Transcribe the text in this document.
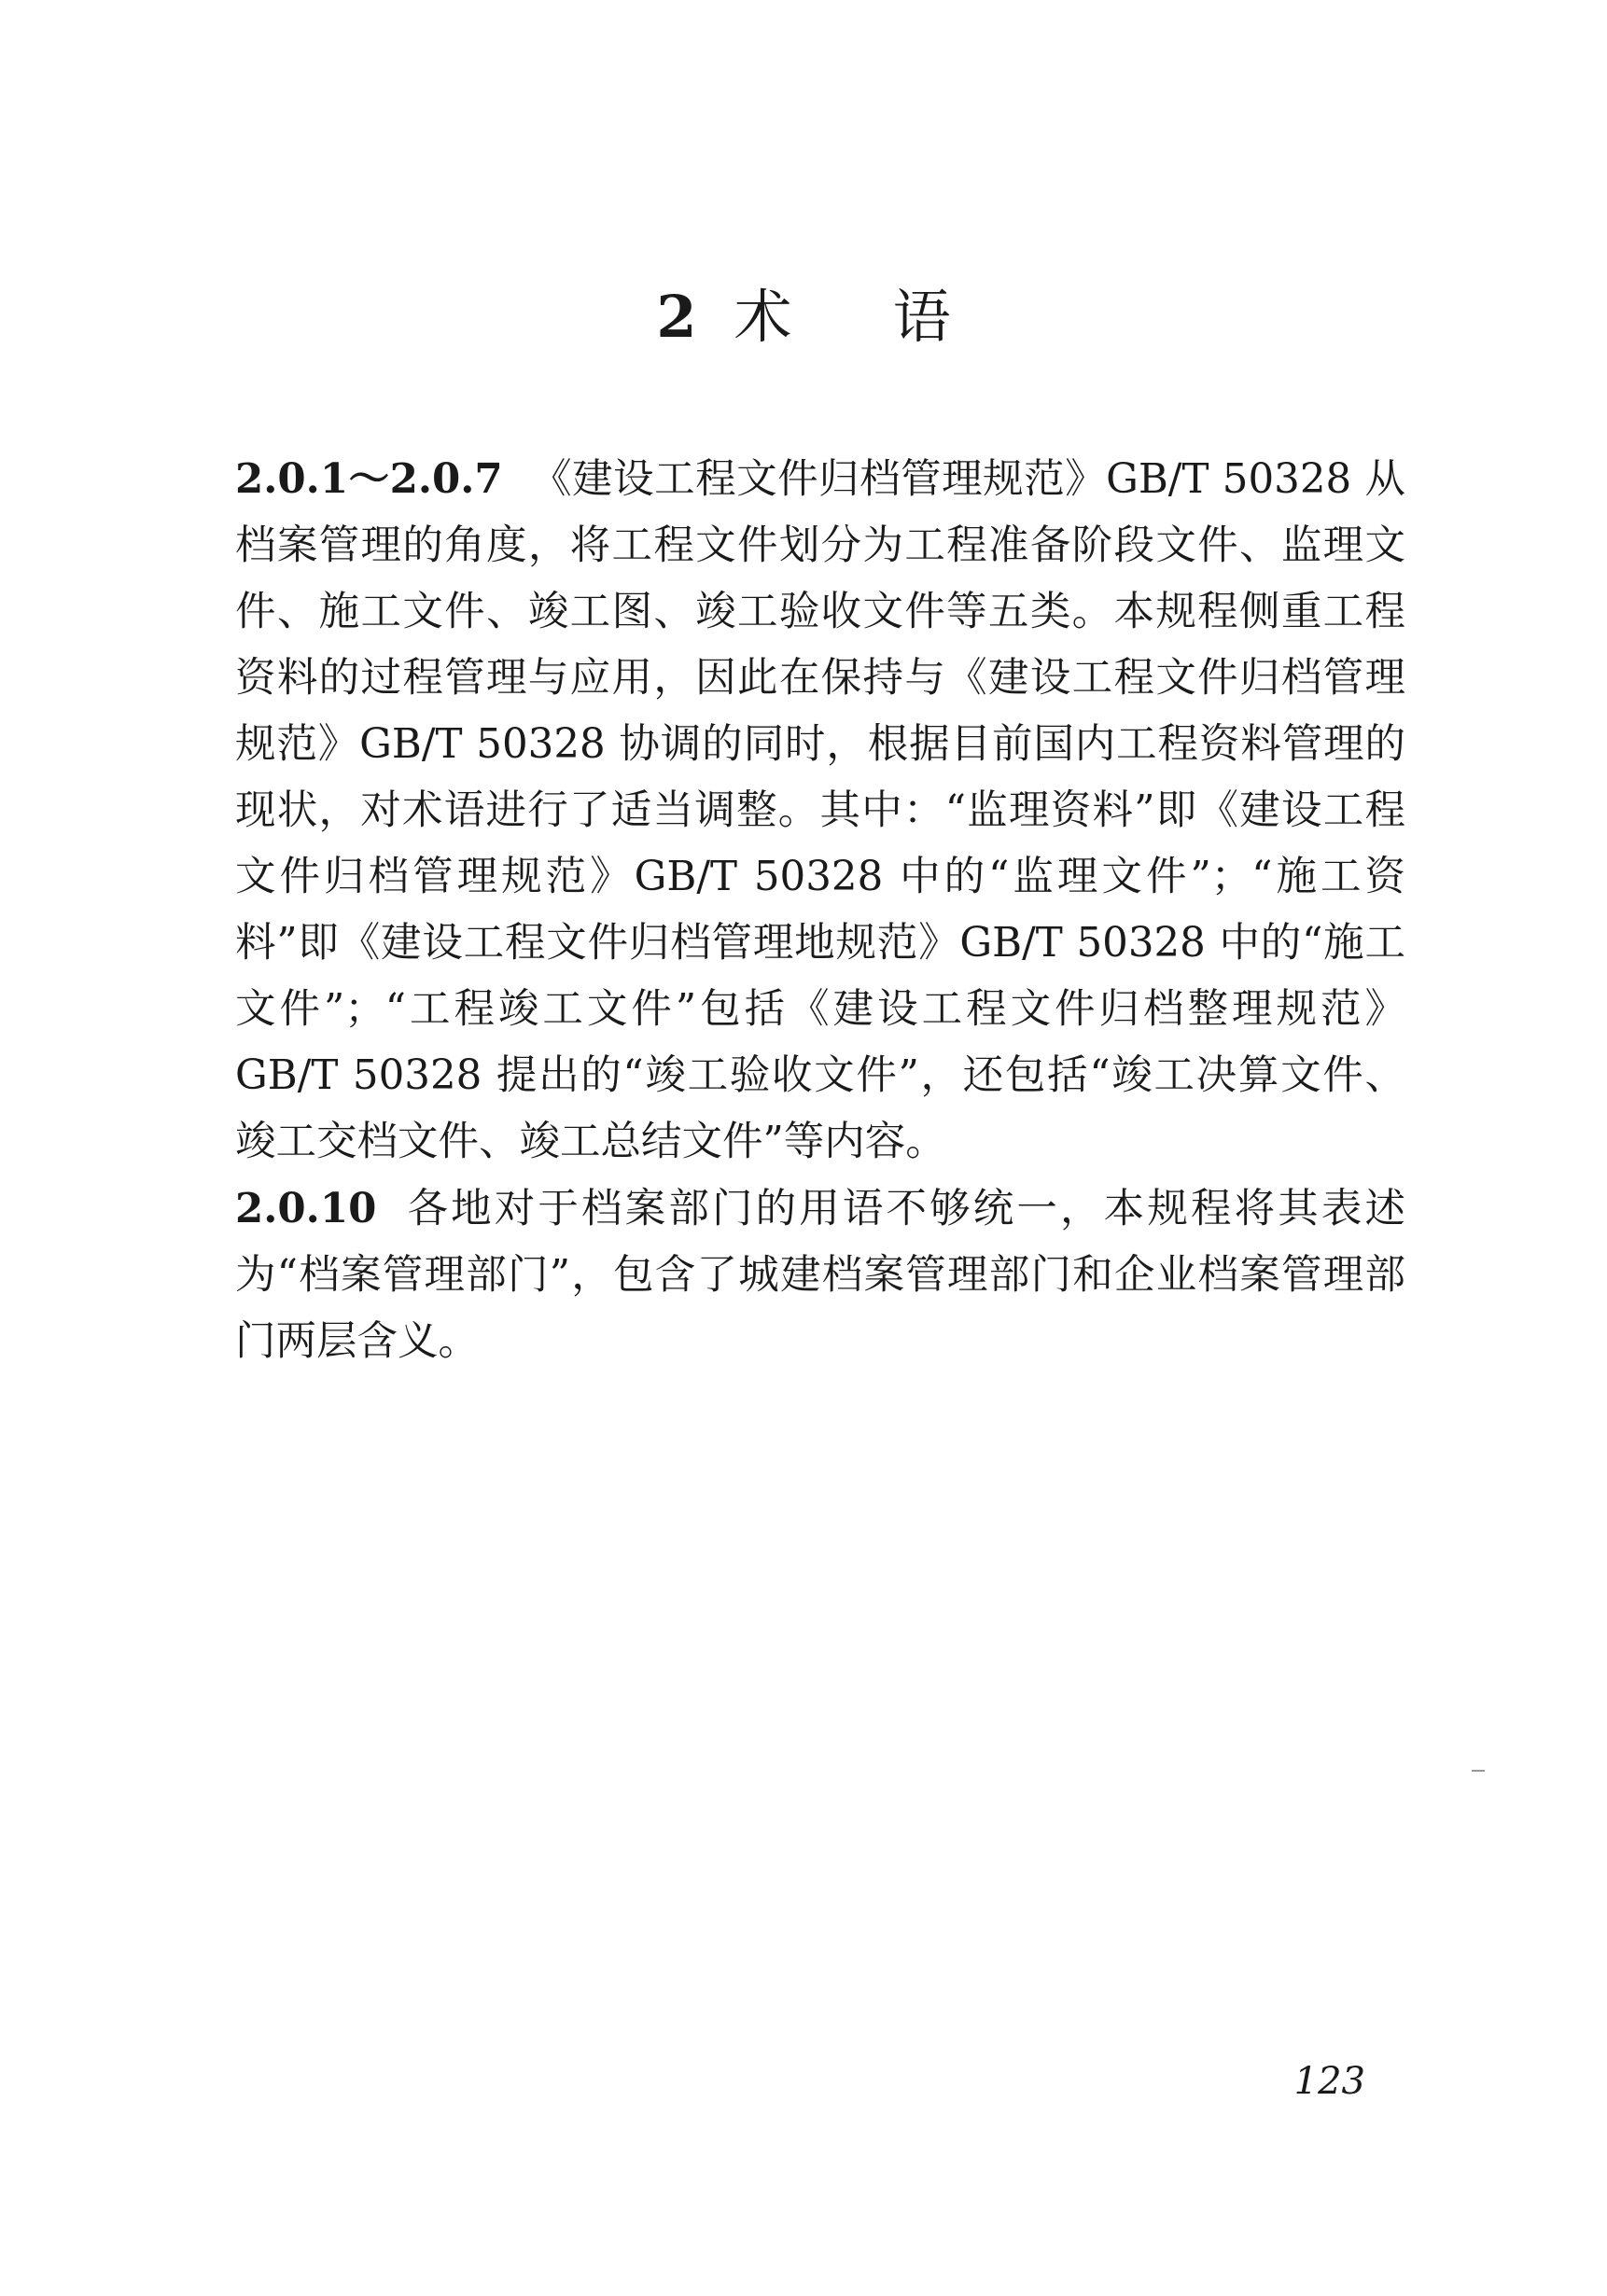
2 术 语

2.0.1～2.0.7 《建设工程文件归档管理规范》GB/T 50328 从档案管理的角度，将工程文件划分为工程准备阶段文件、监理文件、施工文件、竣工图、竣工验收文件等五类。本规程侧重工程资料的过程管理与应用，因此在保持与《建设工程文件归档管理规范》GB/T 50328 协调的同时，根据目前国内工程资料管理的现状，对术语进行了适当调整。其中：“监理资料”即《建设工程文件归档管理规范》GB/T 50328 中的“监理文件”；“施工资料”即《建设工程文件归档管理地规范》GB/T 50328 中的“施工文件”；“工程竣工文件”包括《建设工程文件归档整理规范》GB/T 50328 提出的“竣工验收文件”，还包括“竣工决算文件、竣工交档文件、竣工总结文件”等内容。

2.0.10 各地对于档案部门的用语不够统一，本规程将其表述为“档案管理部门”，包含了城建档案管理部门和企业档案管理部门两层含义。

123
